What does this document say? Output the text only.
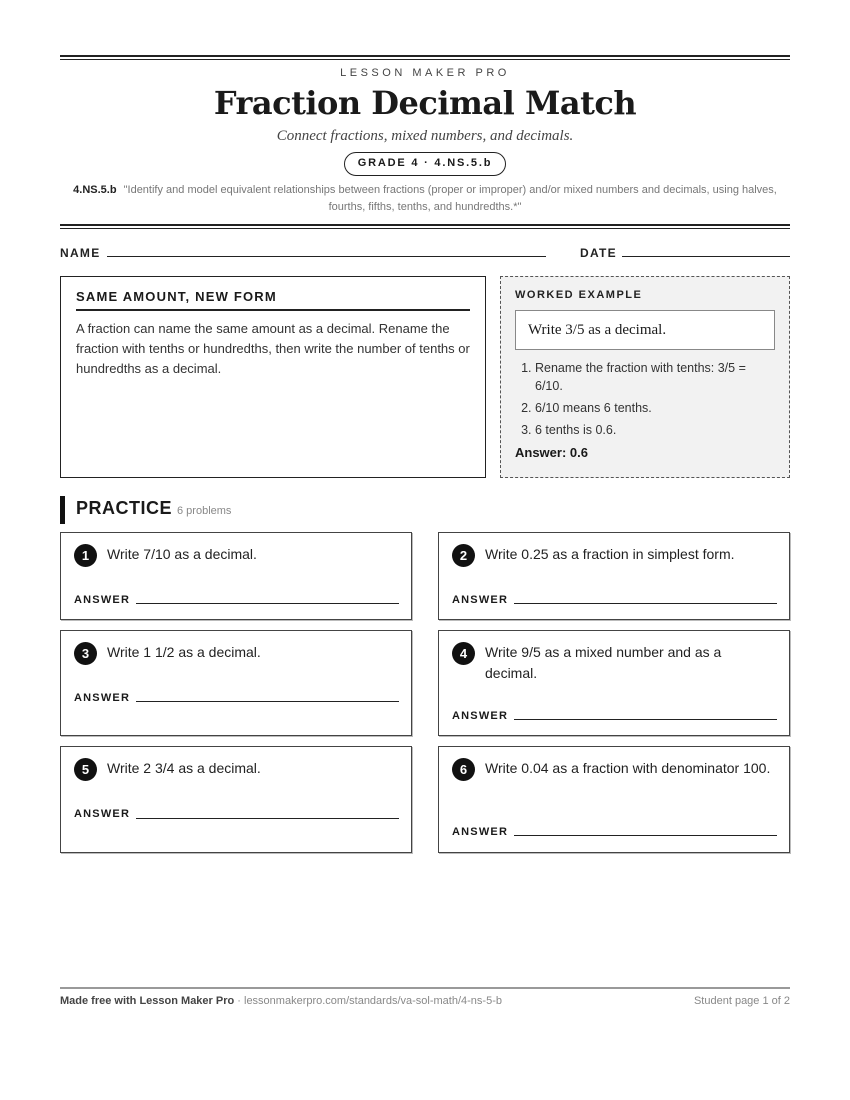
LESSON MAKER PRO
Fraction Decimal Match
Connect fractions, mixed numbers, and decimals.
GRADE 4 · 4.NS.5.b
4.NS.5.b "Identify and model equivalent relationships between fractions (proper or improper) and/or mixed numbers and decimals, using halves, fourths, fifths, tenths, and hundredths.*"
NAME	DATE
SAME AMOUNT, NEW FORM
A fraction can name the same amount as a decimal. Rename the fraction with tenths or hundredths, then write the number of tenths or hundredths as a decimal.
WORKED EXAMPLE
Write 3/5 as a decimal.
1. Rename the fraction with tenths: 3/5 = 6/10.
2. 6/10 means 6 tenths.
3. 6 tenths is 0.6.
Answer: 0.6
PRACTICE 6 problems
1	Write 7/10 as a decimal.
ANSWER
2	Write 0.25 as a fraction in simplest form.
ANSWER
3	Write 1 1/2 as a decimal.
ANSWER
4	Write 9/5 as a mixed number and as a decimal.
ANSWER
5	Write 2 3/4 as a decimal.
ANSWER
6	Write 0.04 as a fraction with denominator 100.
ANSWER
Made free with Lesson Maker Pro · lessonmakerpro.com/standards/va-sol-math/4-ns-5-b	Student page 1 of 2
